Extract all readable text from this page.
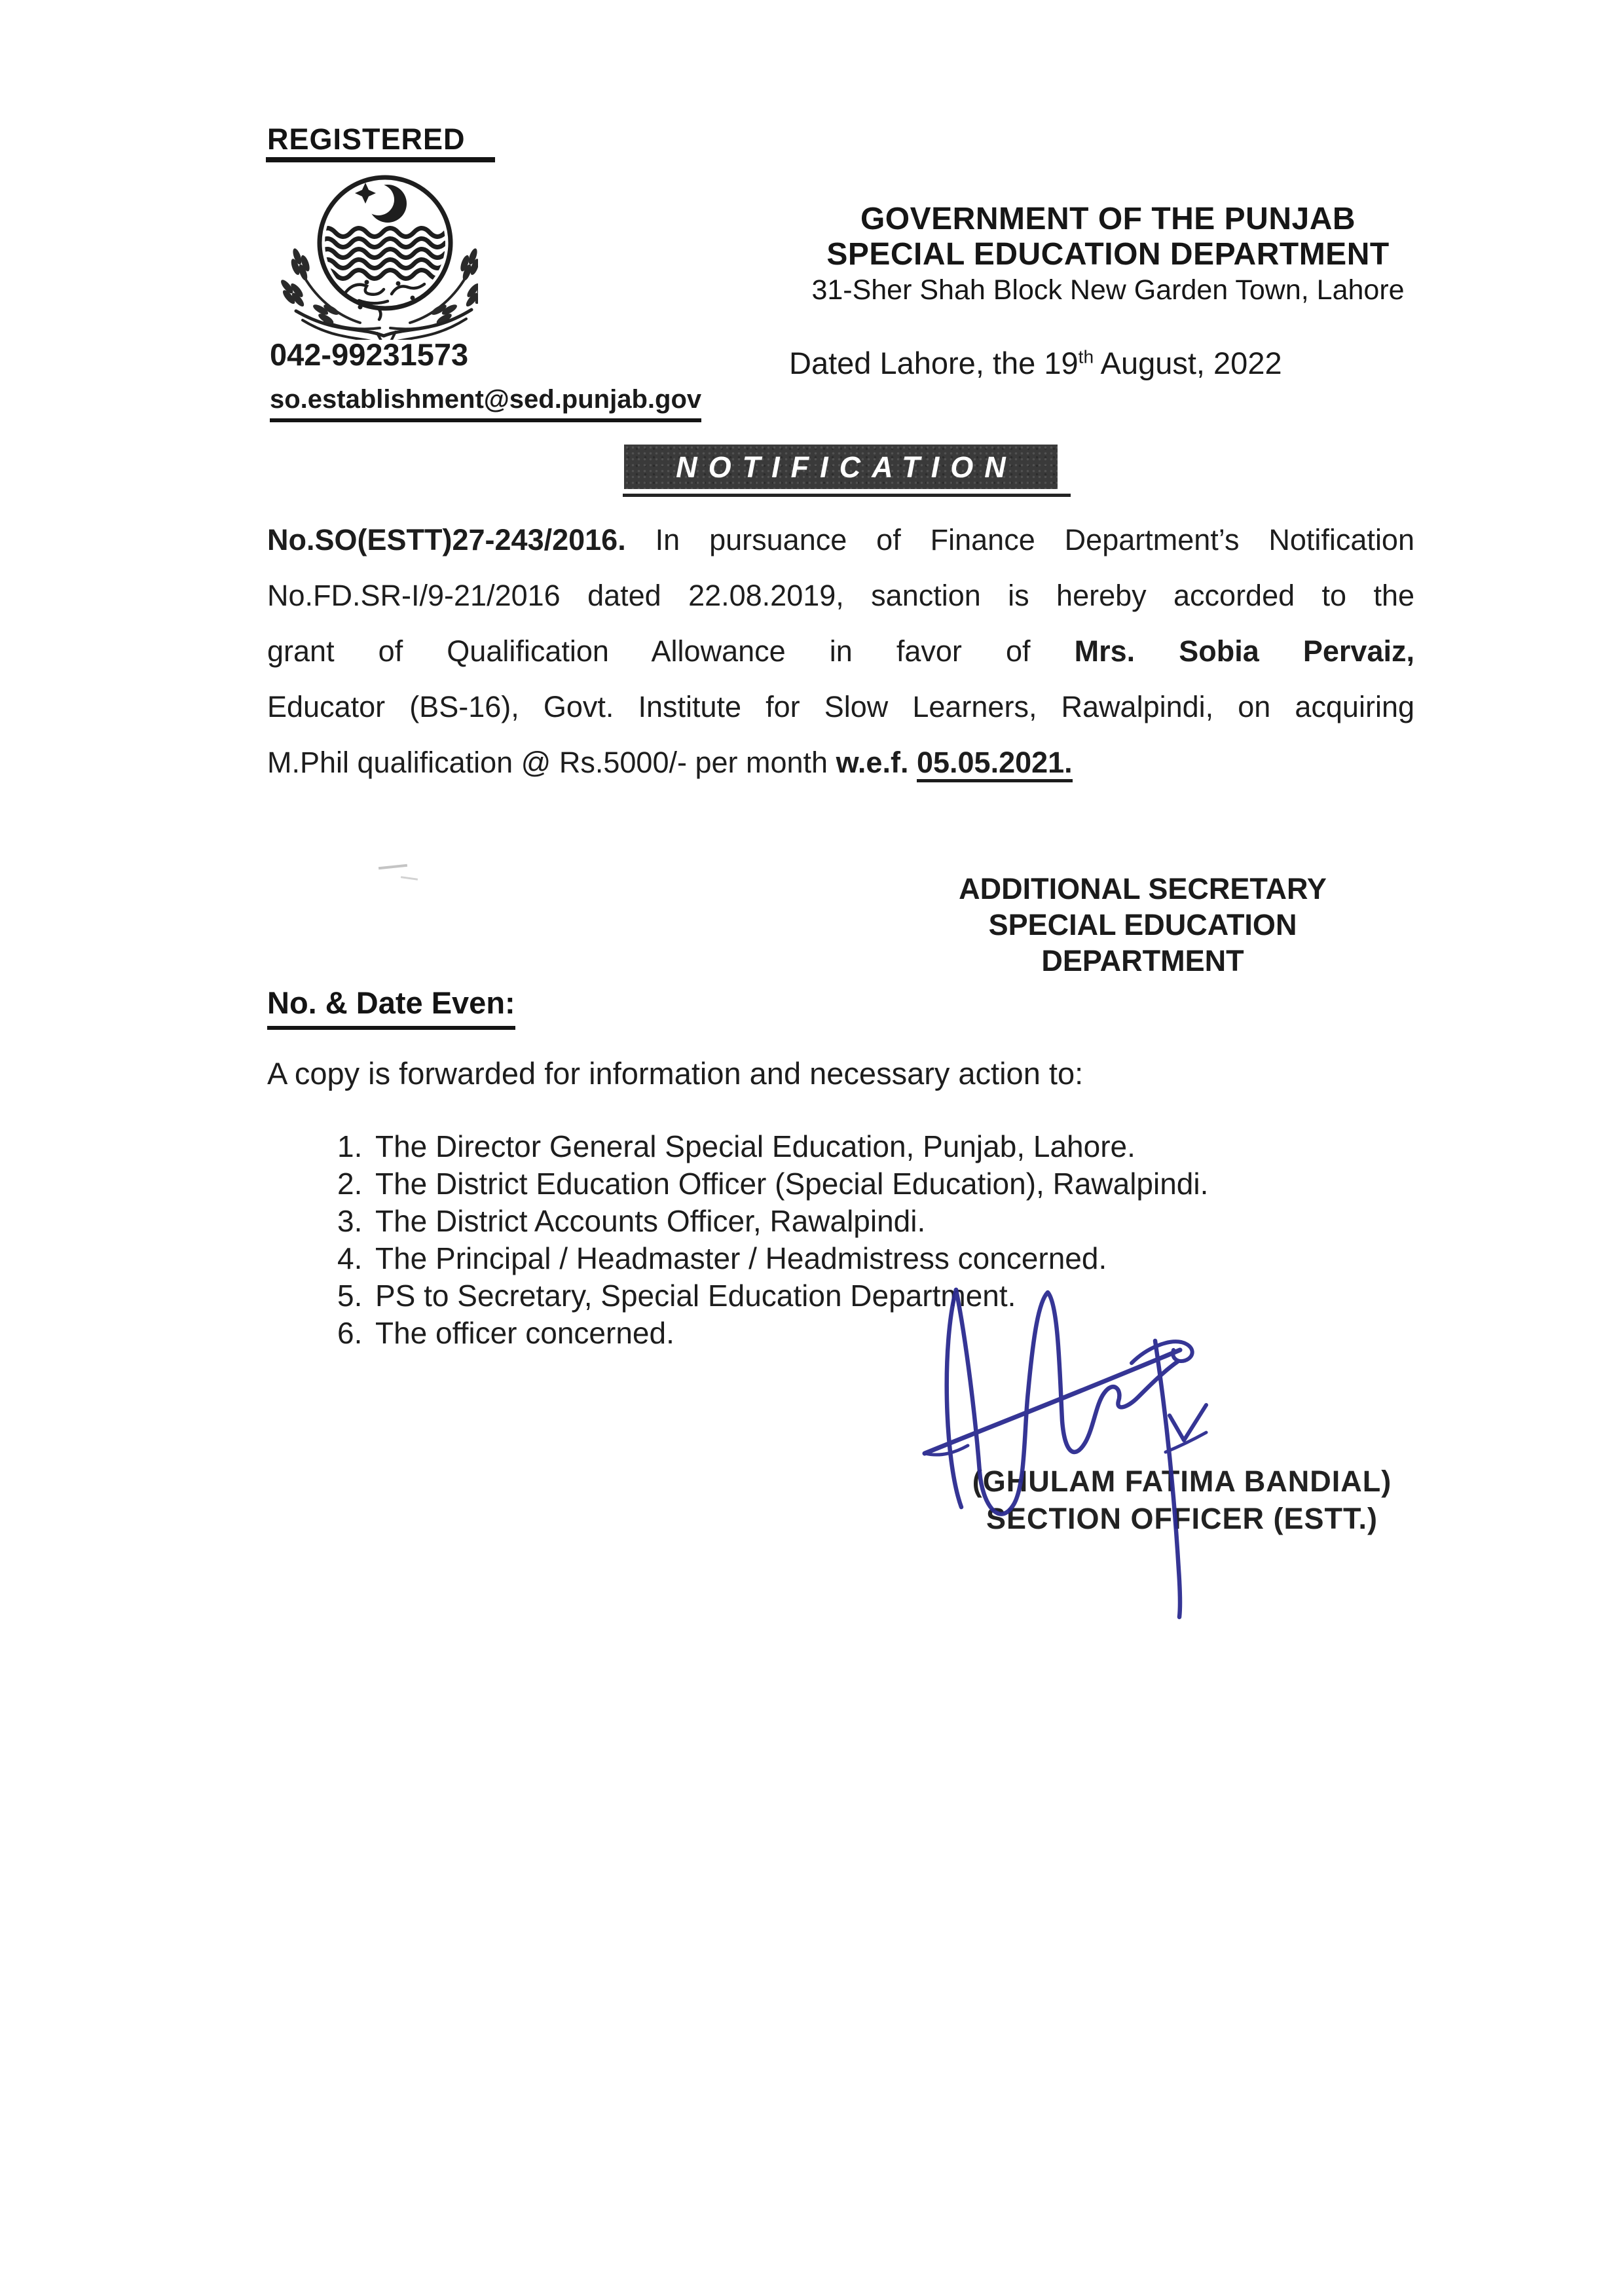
REGISTERED
042-99231573
so.establishment@sed.punjab.gov
GOVERNMENT OF THE PUNJAB
SPECIAL EDUCATION DEPARTMENT
31-Sher Shah Block New Garden Town, Lahore
Dated Lahore, the 19th August, 2022
NOTIFICATION
No.SO(ESTT)27-243/2016. In pursuance of Finance Department’s Notification
No.FD.SR-I/9-21/2016 dated 22.08.2019, sanction is hereby accorded to the
grant of Qualification Allowance in favor of Mrs. Sobia Pervaiz,
Educator (BS-16), Govt. Institute for Slow Learners, Rawalpindi, on acquiring
M.Phil qualification @ Rs.5000/- per month w.e.f. 05.05.2021.
ADDITIONAL SECRETARY
SPECIAL EDUCATION
DEPARTMENT
No. & Date Even:
A copy is forwarded for information and necessary action to:
1. The Director General Special Education, Punjab, Lahore.
2. The District Education Officer (Special Education), Rawalpindi.
3. The District Accounts Officer, Rawalpindi.
4. The Principal / Headmaster / Headmistress concerned.
5. PS to Secretary, Special Education Department.
6. The officer concerned.
(GHULAM FATIMA BANDIAL)
SECTION OFFICER (ESTT.)
